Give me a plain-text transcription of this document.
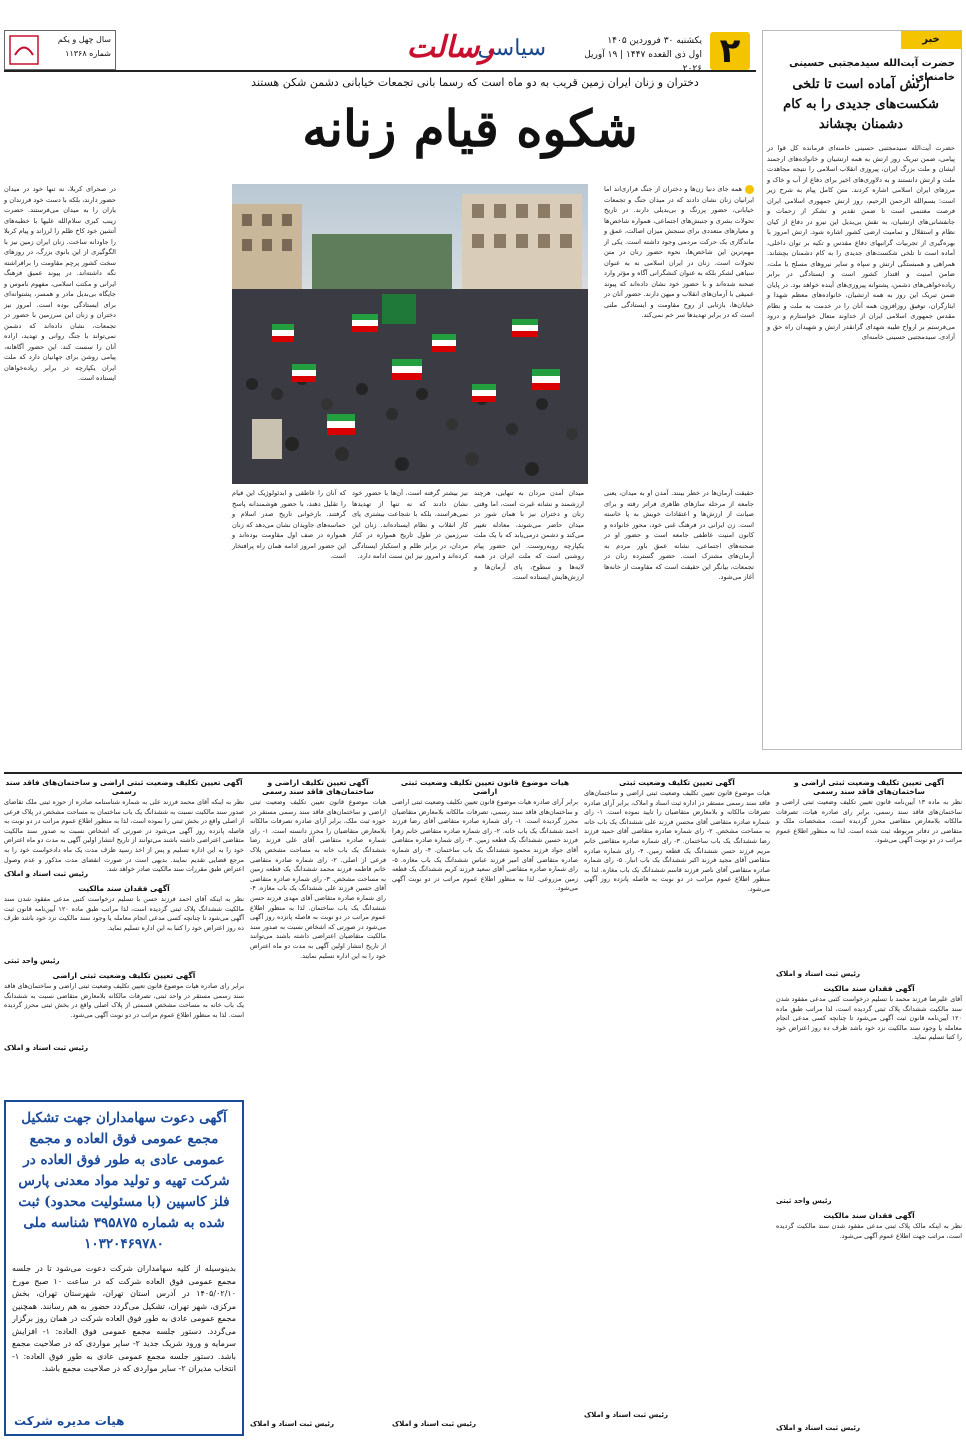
۲
یکشنبه ۳۰ فروردین ۱۴۰۵
اول ذی القعده ۱۴۴۷ | ۱۹ آوریل ۲۰۲۶
سیاسی
رسالت
سال چهل و یکم
شماره ۱۱۳۶۸
خبر
حضرت آیت‌الله سیدمجتبی حسینی خامنه‌ای:
ارتش آماده است تا تلخی شکست‌های جدیدی را به کام دشمنان بچشاند
حضرت آیت‌الله سیدمجتبی حسینی خامنه‌ای فرمانده کل قوا در پیامی، ضمن تبریک روز ارتش به همه ارتشیان و خانواده‌های ارجمند ایشان و ملت بزرگ ایران، پیروزی انقلاب اسلامی را نتیجه مجاهدت ملت و ارتش دانستند و به دلاوری‌های اخیر برای دفاع از آب و خاک و مرزهای ایران اسلامی اشاره کردند. متن کامل پیام به شرح زیر است: بسم‌الله الرحمن الرحیم، روز ارتش جمهوری اسلامی ایران فرصت مغتنمی است تا ضمن تقدیر و تشکر از زحمات و جانفشانی‌های ارتشیان، به نقش بی‌بدیل این نیرو در دفاع از کیان نظام و استقلال و تمامیت ارضی کشور اشاره شود. ارتش امروز با بهره‌گیری از تجربیات گرانبهای دفاع مقدس و تکیه بر توان داخلی، آماده است تا تلخی شکست‌های جدیدی را به کام دشمنان بچشاند. همراهی و همبستگی ارتش و سپاه و سایر نیروهای مسلح با ملت، ضامن امنیت و اقتدار کشور است و ایستادگی در برابر زیاده‌خواهی‌های دشمن، پشتوانه پیروزی‌های آینده خواهد بود. در پایان ضمن تبریک این روز به همه ارتشیان، خانواده‌های معظم شهدا و ایثارگران، توفیق روزافزون همه آنان را در خدمت به ملت و نظام مقدس جمهوری اسلامی ایران از خداوند متعال خواستارم و درود می‌فرستم بر ارواح طیبه شهدای گرانقدر ارتش و شهیدان راه حق و آزادی. سیدمجتبی حسینی خامنه‌ای
دختران و زنان ایران زمین قریب به دو ماه است که رسما بانی تجمعات خیابانی دشمن شکن هستند
شکوه قیام زنانه
همه جای دنیا زن‌ها و دختران از جنگ فراری‌اند اما ایرانیان زنان نشان دادند که در میدان جنگ و تجمعات خیابانی، حضور پررنگ و بی‌بدیلی دارند. در تاریخ تحولات بشری و جنبش‌های اجتماعی، همواره شاخص‌ها و معیارهای متعددی برای سنجش میزان اصالت، عمق و ماندگاری یک حرکت مردمی وجود داشته است. یکی از مهم‌ترین این شاخص‌ها، نحوه حضور زنان در متن تحولات است. زنان در ایران اسلامی نه به عنوان سیاهی لشکر بلکه به عنوان کنشگرانی آگاه و مؤثر وارد صحنه شده‌اند و با حضور خود نشان داده‌اند که پیوند عمیقی با آرمان‌های انقلاب و میهن دارند. حضور آنان در خیابان‌ها، بازتابی از روح مقاومت و ایستادگی ملتی است که در برابر تهدیدها سر خم نمی‌کند.
در صحرای کربلا، نه تنها خود در میدان حضور دارند، بلکه با دست خود فرزندان و یاران را به میدان می‌فرستند. حضرت زینب کبری سلام‌الله علیها با خطبه‌های آتشین خود کاخ ظلم را لرزاند و پیام کربلا را جاودانه ساخت. زنان ایران زمین نیز با الگوگیری از این بانوی بزرگ، در روزهای سخت کشور پرچم مقاومت را برافراشته نگه داشته‌اند. در پیوند عمیق فرهنگ ایرانی و مکتب اسلامی، مفهوم ناموس و جایگاه بی‌بدیل مادر و همسر، پشتوانه‌ای برای ایستادگی بوده است. امروز نیز دختران و زنان این سرزمین با حضور در تجمعات، نشان داده‌اند که دشمن نمی‌تواند با جنگ روانی و تهدید، اراده آنان را سست کند. این حضور آگاهانه، پیامی روشن برای جهانیان دارد که ملت ایران یکپارچه در برابر زیاده‌خواهان ایستاده است.
حقیقت آرمان‌ها در خطر بینند. آمدن او به میدان، یعنی جامعه از مرحله سازهای ظاهری فراتر رفته و برای صیانت از ارزش‌ها و اعتقادات خویش به پا خاسته است. زن ایرانی در فرهنگ غنی خود، محور خانواده و کانون امنیت عاطفی جامعه است و حضور او در صحنه‌های اجتماعی، نشانه عمق باور مردم به آرمان‌های مشترک است. حضور گسترده زنان در تجمعات، بیانگر این حقیقت است که مقاومت از خانه‌ها آغاز می‌شود.
میدان آمدن مردان به تنهایی، هرچند ارزشمند و نشانه غیرت است، اما وقتی زنان و دختران نیز با همان شور در میدان حاضر می‌شوند، معادله تغییر می‌کند و دشمن درمی‌یابد که با یک ملت یکپارچه روبه‌روست. این حضور پیام روشنی است که ملت ایران در همه لایه‌ها و سطوح، پای آرمان‌ها و ارزش‌هایش ایستاده است.
نیز بیشتر گرفته است. آن‌ها با حضور خود نشان دادند که نه تنها از تهدیدها نمی‌هراسند، بلکه با شجاعت بیشتری پای کار انقلاب و نظام ایستاده‌اند. زنان این سرزمین در طول تاریخ همواره در کنار مردان، در برابر ظلم و استکبار ایستادگی کرده‌اند و امروز نیز این سنت ادامه دارد.
که آنان را عاطفی و ابدئولوژیک این قیام را تقلیل دهند، با حضور هوشمندانه پاسخ گرفتند. بازخوانی تاریخ صدر اسلام و حماسه‌های جاویدان نشان می‌دهد که زنان همواره در صف اول مقاومت بوده‌اند و این حضور امروز ادامه همان راه پرافتخار است.
آگهی تعیین تکلیف وضعیت ثبتی اراضی و ساختمان‌های فاقد سند رسمی
نظر به ماده ۱۳ آیین‌نامه قانون تعیین تکلیف وضعیت ثبتی اراضی و ساختمان‌های فاقد سند رسمی، برابر رای صادره هیات، تصرفات مالکانه بلامعارض متقاضی محرز گردیده است. مشخصات ملک و متقاضی در دفاتر مربوطه ثبت شده است. لذا به منظور اطلاع عموم مراتب در دو نوبت آگهی می‌شود.
رئیس ثبت اسناد و املاک
آگهی فقدان سند مالکیت
آقای علیرضا فرزند محمد با تسلیم درخواست کتبی مدعی مفقود شدن سند مالکیت ششدانگ پلاک ثبتی گردیده است، لذا مراتب طبق ماده ۱۲۰ آیین‌نامه قانون ثبت آگهی می‌شود تا چنانچه کسی مدعی انجام معامله یا وجود سند مالکیت نزد خود باشد ظرف ده روز اعتراض خود را کتبا تسلیم نماید.
رئیس واحد ثبتی
آگهی فقدان سند مالکیت
نظر به اینکه مالک پلاک ثبتی مدعی مفقود شدن سند مالکیت گردیده است، مراتب جهت اطلاع عموم آگهی می‌شود.
رئیس ثبت اسناد و املاک
آگهی تعیین تکلیف وضعیت ثبتی
هیات موضوع قانون تعیین تکلیف وضعیت ثبتی اراضی و ساختمان‌های فاقد سند رسمی مستقر در اداره ثبت اسناد و املاک، برابر آرای صادره تصرفات مالکانه و بلامعارض متقاضیان را تایید نموده است. ۱- رای شماره صادره متقاضی آقای محسن فرزند علی ششدانگ یک باب خانه به مساحت مشخص. ۲- رای شماره صادره متقاضی آقای حمید فرزند رضا ششدانگ یک باب ساختمان. ۳- رای شماره صادره متقاضی خانم مریم فرزند حسن ششدانگ یک قطعه زمین. ۴- رای شماره صادره متقاضی آقای مجید فرزند اکبر ششدانگ یک باب انبار. ۵- رای شماره صادره متقاضی آقای ناصر فرزند قاسم ششدانگ یک باب مغازه. لذا به منظور اطلاع عموم مراتب در دو نوبت به فاصله پانزده روز آگهی می‌شود.
رئیس ثبت اسناد و املاک
هیات موضوع قانون تعیین تکلیف وضعیت ثبتی اراضی
برابر آرای صادره هیات موضوع قانون تعیین تکلیف وضعیت ثبتی اراضی و ساختمان‌های فاقد سند رسمی، تصرفات مالکانه بلامعارض متقاضیان محرز گردیده است. ۱- رای شماره صادره متقاضی آقای رضا فرزند احمد ششدانگ یک باب خانه. ۲- رای شماره صادره متقاضی خانم زهرا فرزند حسین ششدانگ یک قطعه زمین. ۳- رای شماره صادره متقاضی آقای جواد فرزند محمود ششدانگ یک باب ساختمان. ۴- رای شماره صادره متقاضی آقای امیر فرزند عباس ششدانگ یک باب مغازه. ۵- رای شماره صادره متقاضی آقای سعید فرزند کریم ششدانگ یک قطعه زمین مزروعی. لذا به منظور اطلاع عموم مراتب در دو نوبت آگهی می‌شود.
رئیس ثبت اسناد و املاک
آگهی تعیین تکلیف اراضی و ساختمان‌های فاقد سند رسمی
هیات موضوع قانون تعیین تکلیف وضعیت ثبتی اراضی و ساختمان‌های فاقد سند رسمی مستقر در حوزه ثبت ملک، برابر آرای صادره تصرفات مالکانه بلامعارض متقاضیان را محرز دانسته است. ۱- رای شماره صادره متقاضی آقای علی فرزند رضا ششدانگ یک باب خانه به مساحت مشخص پلاک فرعی از اصلی. ۲- رای شماره صادره متقاضی خانم فاطمه فرزند محمد ششدانگ یک قطعه زمین به مساحت مشخص. ۳- رای شماره صادره متقاضی آقای حسین فرزند علی ششدانگ یک باب مغازه. ۴- رای شماره صادره متقاضی آقای مهدی فرزند حسن ششدانگ یک باب ساختمان. لذا به منظور اطلاع عموم مراتب در دو نوبت به فاصله پانزده روز آگهی می‌شود در صورتی که اشخاص نسبت به صدور سند مالکیت متقاضیان اعتراضی داشته باشند می‌توانند از تاریخ انتشار اولین آگهی به مدت دو ماه اعتراض خود را به این اداره تسلیم نمایند.
رئیس ثبت اسناد و املاک
آگهی تعیین تکلیف وضعیت ثبتی اراضی و ساختمان‌های فاقد سند رسمی
نظر به اینکه آقای محمد فرزند علی به شماره شناسنامه صادره از حوزه ثبتی ملک تقاضای صدور سند مالکیت نسبت به ششدانگ یک باب ساختمان به مساحت مشخص در پلاک فرعی از اصلی واقع در بخش ثبتی را نموده است، لذا به منظور اطلاع عموم مراتب در دو نوبت به فاصله پانزده روز آگهی می‌شود در صورتی که اشخاص نسبت به صدور سند مالکیت متقاضی اعتراضی داشته باشند می‌توانند از تاریخ انتشار اولین آگهی به مدت دو ماه اعتراض خود را به این اداره تسلیم و پس از اخذ رسید ظرف مدت یک ماه دادخواست خود را به مرجع قضایی تقدیم نمایند. بدیهی است در صورت انقضای مدت مذکور و عدم وصول اعتراض طبق مقررات سند مالکیت صادر خواهد شد.
رئیس ثبت اسناد و املاک
آگهی فقدان سند مالکیت
نظر به اینکه آقای احمد فرزند حسن با تسلیم درخواست کتبی مدعی مفقود شدن سند مالکیت ششدانگ پلاک ثبتی گردیده است، لذا مراتب طبق ماده ۱۲۰ آیین‌نامه قانون ثبت آگهی می‌شود تا چنانچه کسی مدعی انجام معامله یا وجود سند مالکیت نزد خود باشد ظرف ده روز اعتراض خود را کتبا به این اداره تسلیم نماید.
رئیس واحد ثبتی
آگهی تعیین تکلیف وضعیت ثبتی اراضی
برابر رای صادره هیات موضوع قانون تعیین تکلیف وضعیت ثبتی اراضی و ساختمان‌های فاقد سند رسمی مستقر در واحد ثبتی، تصرفات مالکانه بلامعارض متقاضی نسبت به ششدانگ یک باب خانه به مساحت مشخص قسمتی از پلاک اصلی واقع در بخش ثبتی محرز گردیده است. لذا به منظور اطلاع عموم مراتب در دو نوبت آگهی می‌شود.
رئیس ثبت اسناد و املاک
آگهی دعوت سهامداران جهت تشکیل مجمع عمومی فوق العاده و مجمع عمومی عادی به طور فوق العاده در شرکت تهیه و تولید مواد معدنی پارس فلز کاسپین (با مسئولیت محدود) ثبت شده به شماره ۳۹۵۸۷۵ شناسه ملی ۱۰۳۲۰۴۶۹۷۸۰
بدینوسیله از کلیه سهامداران شرکت دعوت می‌شود تا در جلسه مجمع عمومی فوق العاده شرکت که در ساعت ۱۰ صبح مورخ ۱۴۰۵/۰۲/۱۰ در آدرس استان تهران، شهرستان تهران، بخش مرکزی، شهر تهران، تشکیل می‌گردد حضور به هم رسانند. همچنین مجمع عمومی عادی به طور فوق العاده شرکت در همان روز برگزار می‌گردد. دستور جلسه مجمع عمومی فوق العاده: ۱- افزایش سرمایه و ورود شریک جدید ۲- سایر مواردی که در صلاحیت مجمع باشد. دستور جلسه مجمع عمومی عادی به طور فوق العاده: ۱- انتخاب مدیران ۲- سایر مواردی که در صلاحیت مجمع باشد.
هیات مدیره شرکت
